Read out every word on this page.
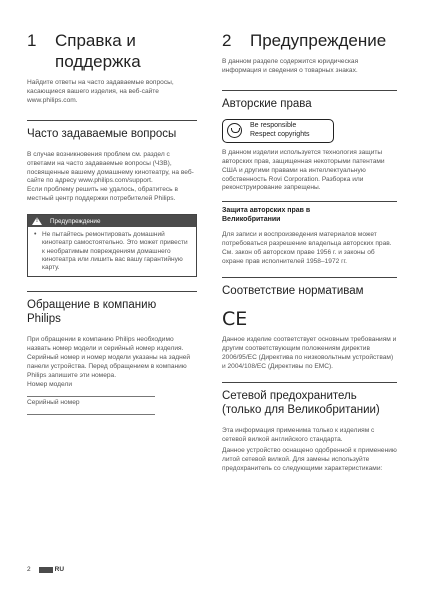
1	Справка и
поддержка

Найдите ответы на часто задаваемые вопросы, касающиеся вашего изделия, на веб-сайте www.philips.com.

Часто задаваемые вопросы

В случае возникновения проблем см. раздел с ответами на часто задаваемые вопросы (ЧЗВ), посвященные вашему домашнему кинотеатру, на веб-сайте по адресу www.philips.com/support.

Если проблему решить не удалось, обратитесь в местный центр поддержки потребителей Philips.

! Предупреждение
• Не пытайтесь ремонтировать домашний кинотеатр самостоятельно. Это может привести к необратимым повреждениям домашнего кинотеатра или лишить вас вашу гарантийную карту.
Обращение в компанию
Philips

При обращении в компанию Philips необходимо назвать номер модели и серийный номер изделия. Серийный номер и номер модели указаны на задней панели устройства. Перед обращением в компанию Philips запишите эти номера.

Номер модели

Серийный номер

2	Предупреждение

В данном разделе содержится юридическая информация и сведения о товарных знаках.

Авторские права

Be responsible
Respect copyrights

В данном изделии используется технология защиты авторских прав, защищенная некоторыми патентами США и другими правами на интеллектуальную собственность Rovi Corporation. Разборка или реконструирование запрещены.

Защита авторских прав в
Великобритании

Для записи и воспроизведения материалов может потребоваться разрешение владельца авторских прав. См. закон об авторском праве 1956 г. и законы об охране прав исполнителей 1958–1972 гг.

Соответствие нормативам

CE

Данное изделие соответствует основным требованиям и другим соответствующим положениям директив 2006/95/EC (Директива по низковольтным устройствам) и 2004/108/EC (Директивы по EMC).

Сетевой предохранитель
(только для Великобритании)

Эта информация применима только к изделиям с сетевой вилкой английского стандарта.

Данное устройство оснащено одобренной к применению литой сетевой вилкой. Для замены используйте предохранитель со следующими характеристиками:

2	RU
